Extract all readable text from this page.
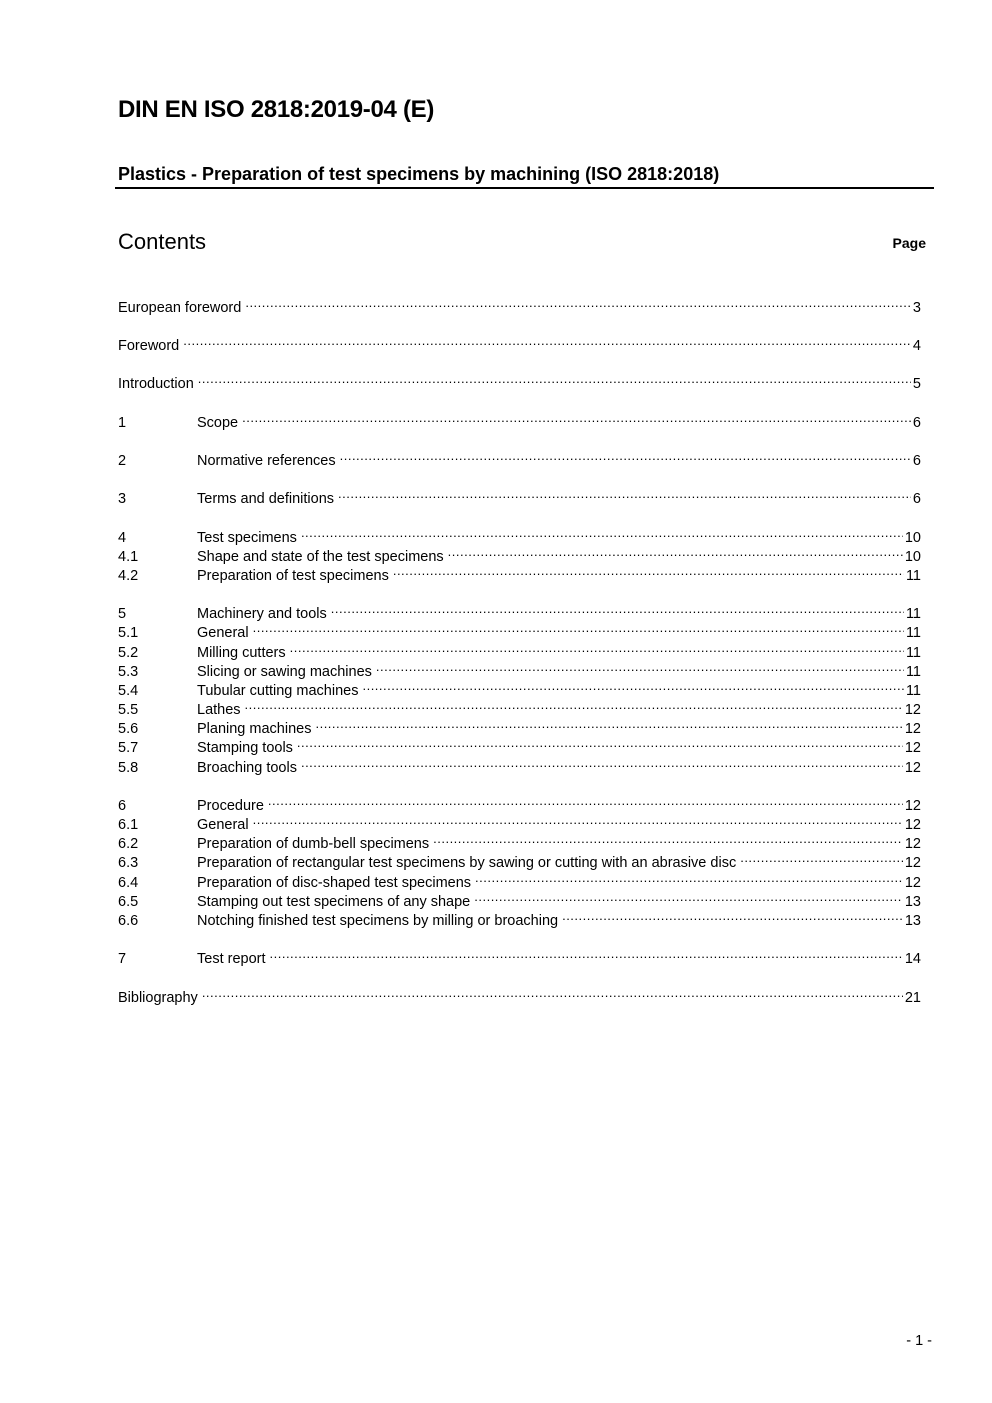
DIN EN ISO 2818:2019-04 (E)
Plastics - Preparation of test specimens by machining (ISO 2818:2018)
Contents	Page
European foreword .....	3
Foreword .....	4
Introduction .....	5
1	Scope .....	6
2	Normative references .....	6
3	Terms and definitions .....	6
4	Test specimens .....	10
4.1	Shape and state of the test specimens .....	10
4.2	Preparation of test specimens .....	11
5	Machinery and tools .....	11
5.1	General .....	11
5.2	Milling cutters .....	11
5.3	Slicing or sawing machines .....	11
5.4	Tubular cutting machines .....	11
5.5	Lathes .....	12
5.6	Planing machines .....	12
5.7	Stamping tools .....	12
5.8	Broaching tools .....	12
6	Procedure .....	12
6.1	General .....	12
6.2	Preparation of dumb-bell specimens .....	12
6.3	Preparation of rectangular test specimens by sawing or cutting with an abrasive disc .....	12
6.4	Preparation of disc-shaped test specimens .....	12
6.5	Stamping out test specimens of any shape .....	13
6.6	Notching finished test specimens by milling or broaching .....	13
7	Test report .....	14
Bibliography .....	21
- 1 -
